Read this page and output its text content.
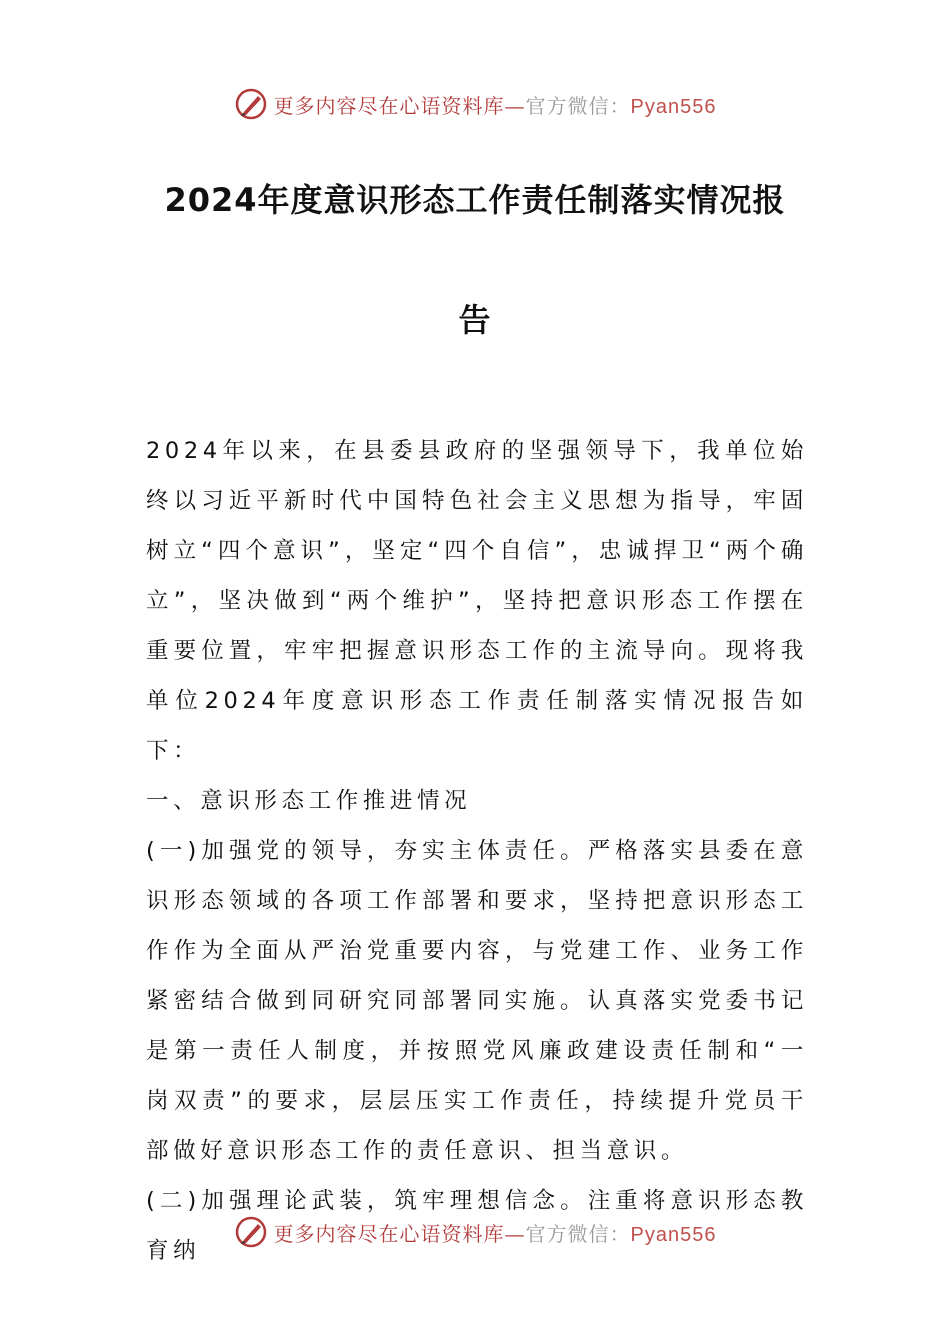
更多内容尽在心语资料库—官方微信：Pyan556
2024年度意识形态工作责任制落实情况报
告

2024年以来，在县委县政府的坚强领导下，我单位始终以习近平新时代中国特色社会主义思想为指导，牢固树立“四个意识”，坚定“四个自信”，忠诚捍卫“两个确立”，坚决做到“两个维护”，坚持把意识形态工作摆在重要位置，牢牢把握意识形态工作的主流导向。现将我单位2024年度意识形态工作责任制落实情况报告如下：

一、意识形态工作推进情况

(一)加强党的领导，夯实主体责任。严格落实县委在意识形态领域的各项工作部署和要求，坚持把意识形态工作作为全面从严治党重要内容，与党建工作、业务工作紧密结合做到同研究同部署同实施。认真落实党委书记是第一责任人制度，并按照党风廉政建设责任制和“一岗双责”的要求，层层压实工作责任，持续提升党员干部做好意识形态工作的责任意识、担当意识。

(二)加强理论武装，筑牢理想信念。注重将意识形态教育纳

更多内容尽在心语资料库—官方微信：Pyan556
